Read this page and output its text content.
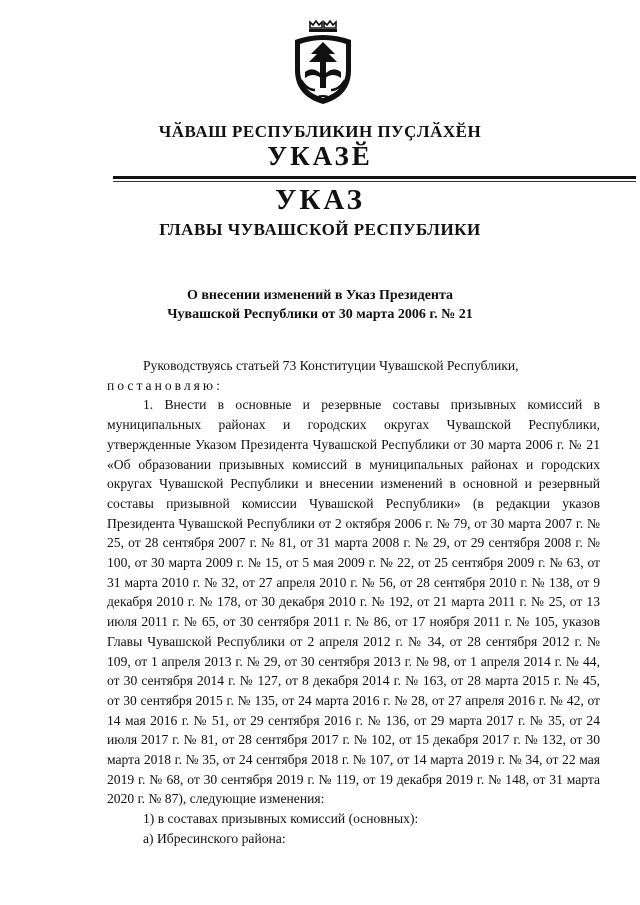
ЧӐВАШ РЕСПУБЛИКИН ПУҪЛӐХӖН
УКАЗӖ
УКАЗ
ГЛАВЫ ЧУВАШСКОЙ РЕСПУБЛИКИ
О внесении изменений в Указ Президента
Чувашской Республики от 30 марта 2006 г. № 21

Руководствуясь статьей 73 Конституции Чувашской Республики,

постановляю:

1. Внести в основные и резервные составы призывных комиссий в муниципальных районах и городских округах Чувашской Республики, утвержденные Указом Президента Чувашской Республики от 30 марта 2006 г. № 21 «Об образовании призывных комиссий в муниципальных районах и городских округах Чувашской Республики и внесении изменений в основной и резервный составы призывной комиссии Чувашской Республики» (в редакции указов Президента Чувашской Республики от 2 октября 2006 г. № 79, от 30 марта 2007 г. № 25, от 28 сентября 2007 г. № 81, от 31 марта 2008 г. № 29, от 29 сентября 2008 г. № 100, от 30 марта 2009 г. № 15, от 5 мая 2009 г. № 22, от 25 сентября 2009 г. № 63, от 31 марта 2010 г. № 32, от 27 апреля 2010 г. № 56, от 28 сентября 2010 г. № 138, от 9 декабря 2010 г. № 178, от 30 декабря 2010 г. № 192, от 21 марта 2011 г. № 25, от 13 июля 2011 г. № 65, от 30 сентября 2011 г. № 86, от 17 ноября 2011 г. № 105, указов Главы Чувашской Республики от 2 апреля 2012 г. № 34, от 28 сентября 2012 г. № 109, от 1 апреля 2013 г. № 29, от 30 сентября 2013 г. № 98, от 1 апреля 2014 г. № 44, от 30 сентября 2014 г. № 127, от 8 декабря 2014 г. № 163, от 28 марта 2015 г. № 45, от 30 сентября 2015 г. № 135, от 24 марта 2016 г. № 28, от 27 апреля 2016 г. № 42, от 14 мая 2016 г. № 51, от 29 сентября 2016 г. № 136, от 29 марта 2017 г. № 35, от 24 июля 2017 г. № 81, от 28 сентября 2017 г. № 102, от 15 декабря 2017 г. № 132, от 30 марта 2018 г. № 35, от 24 сентября 2018 г. № 107, от 14 марта 2019 г. № 34, от 22 мая 2019 г. № 68, от 30 сентября 2019 г. № 119, от 19 декабря 2019 г. № 148, от 31 марта 2020 г. № 87), следующие изменения:

1) в составах призывных комиссий (основных):

а) Ибресинского района:
